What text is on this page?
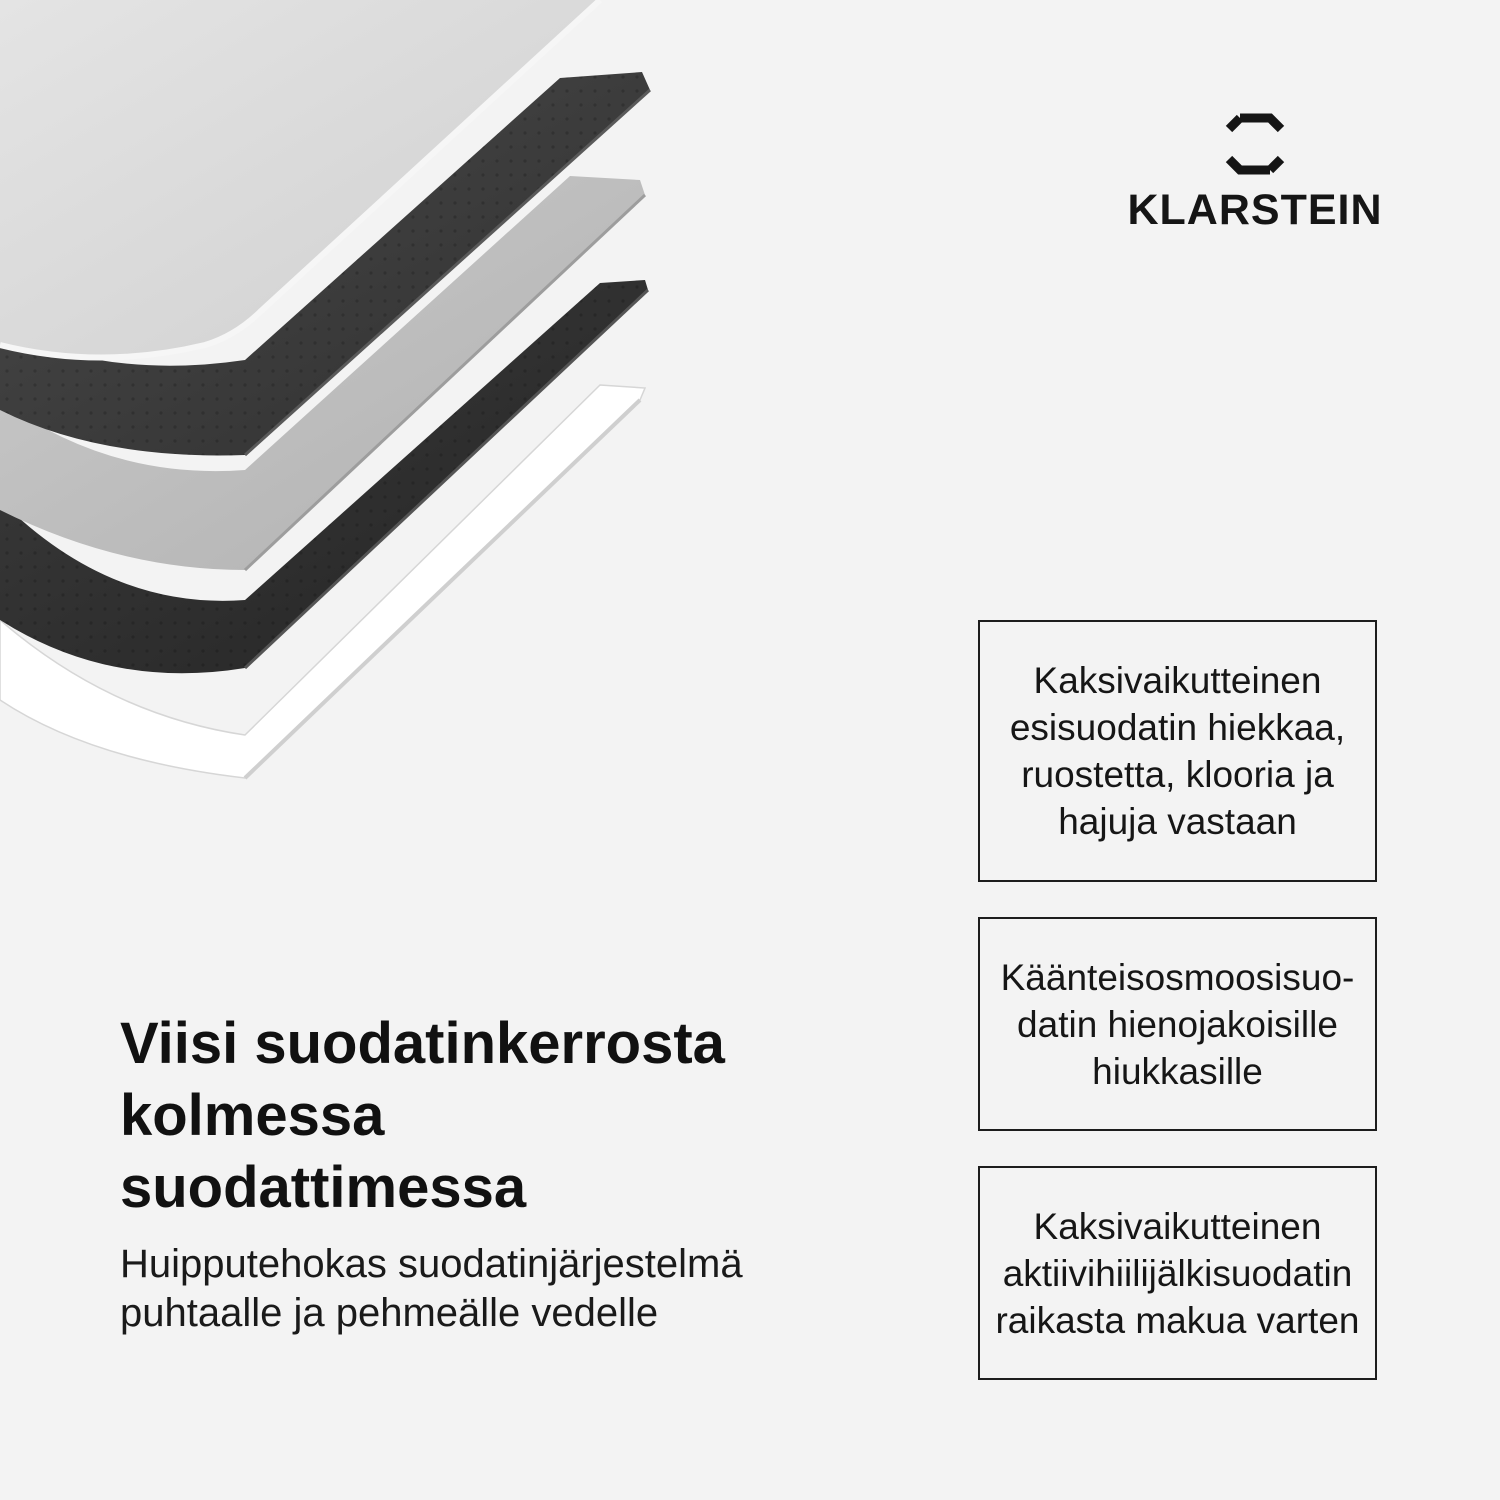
KLARSTEIN
Viisi suodatinkerrosta kolmessa suodattimessa

Huipputehokas suodatinjärjestelmä puhtaalle ja pehmeälle vedelle

Kaksivaikutteinen
esisuodatin hiekkaa,
ruostetta, klooria ja
hajuja vastaan
Käänteisosmoosisuo-
datin hienojakoisille
hiukkasille
Kaksivaikutteinen
aktiivihiilijälkisuodatin
raikasta makua varten
